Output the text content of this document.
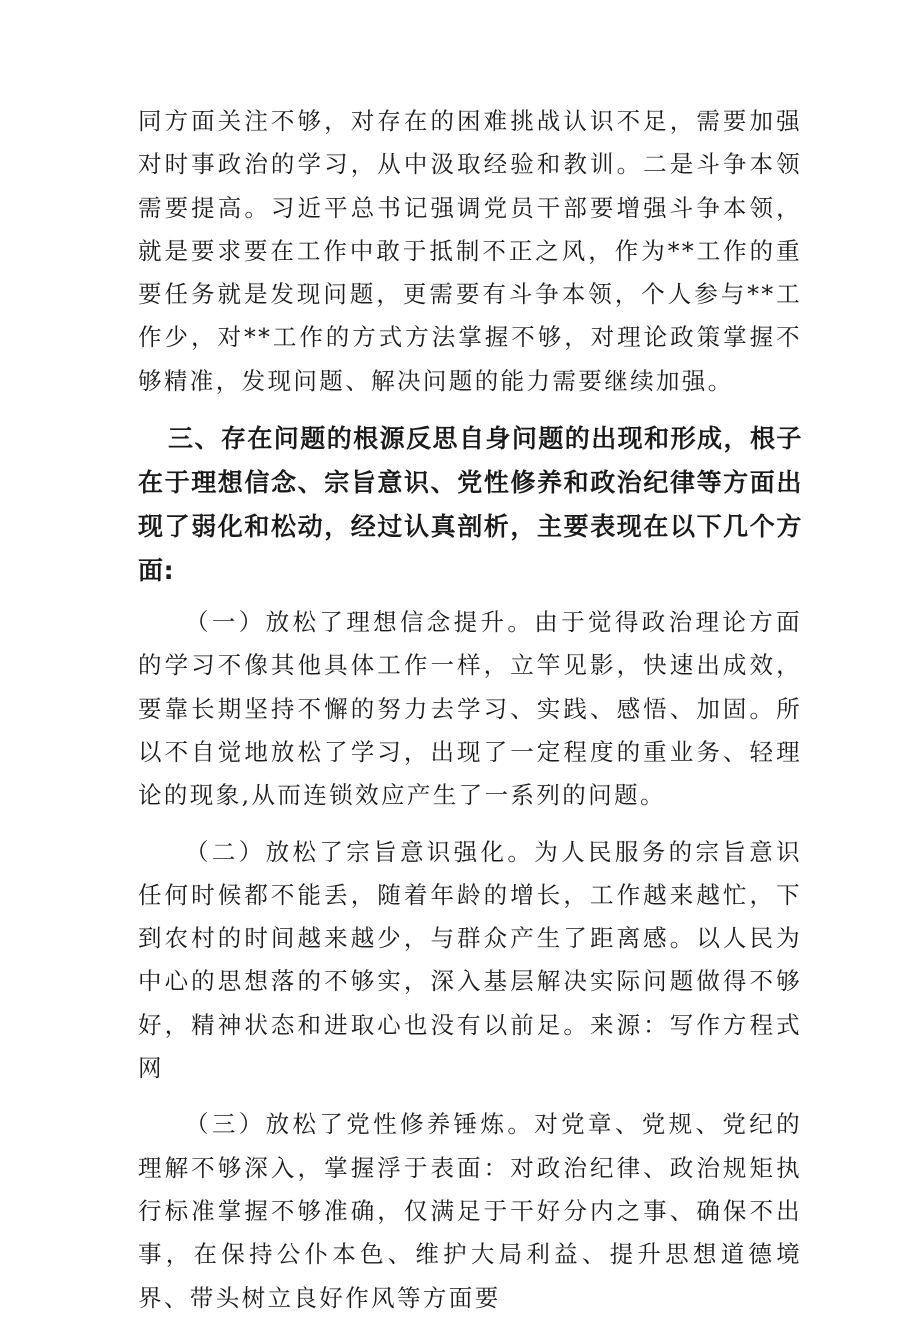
同方面关注不够，对存在的困难挑战认识不足，需要加强对时事政治的学习，从中汲取经验和教训。二是斗争本领需要提高。习近平总书记强调党员干部要增强斗争本领，就是要求要在工作中敢于抵制不正之风，作为**工作的重要任务就是发现问题，更需要有斗争本领，个人参与**工作少，对**工作的方式方法掌握不够，对理论政策掌握不够精准，发现问题、解决问题的能力需要继续加强。

三、存在问题的根源反思自身问题的出现和形成，根子在于理想信念、宗旨意识、党性修养和政治纪律等方面出现了弱化和松动，经过认真剖析，主要表现在以下几个方面:

（一）放松了理想信念提升。由于觉得政治理论方面的学习不像其他具体工作一样，立竿见影，快速出成效，要靠长期坚持不懈的努力去学习、实践、感悟、加固。所以不自觉地放松了学习，出现了一定程度的重业务、轻理论的现象,从而连锁效应产生了一系列的问题。

（二）放松了宗旨意识强化。为人民服务的宗旨意识任何时候都不能丢，随着年龄的增长，工作越来越忙，下到农村的时间越来越少，与群众产生了距离感。以人民为中心的思想落的不够实，深入基层解决实际问题做得不够好，精神状态和进取心也没有以前足。来源：写作方程式网

（三）放松了党性修养锤炼。对党章、党规、党纪的理解不够深入，掌握浮于表面：对政治纪律、政治规矩执行标准掌握不够准确，仅满足于干好分内之事、确保不出事，在保持公仆本色、维护大局利益、提升思想道德境界、带头树立良好作风等方面要
